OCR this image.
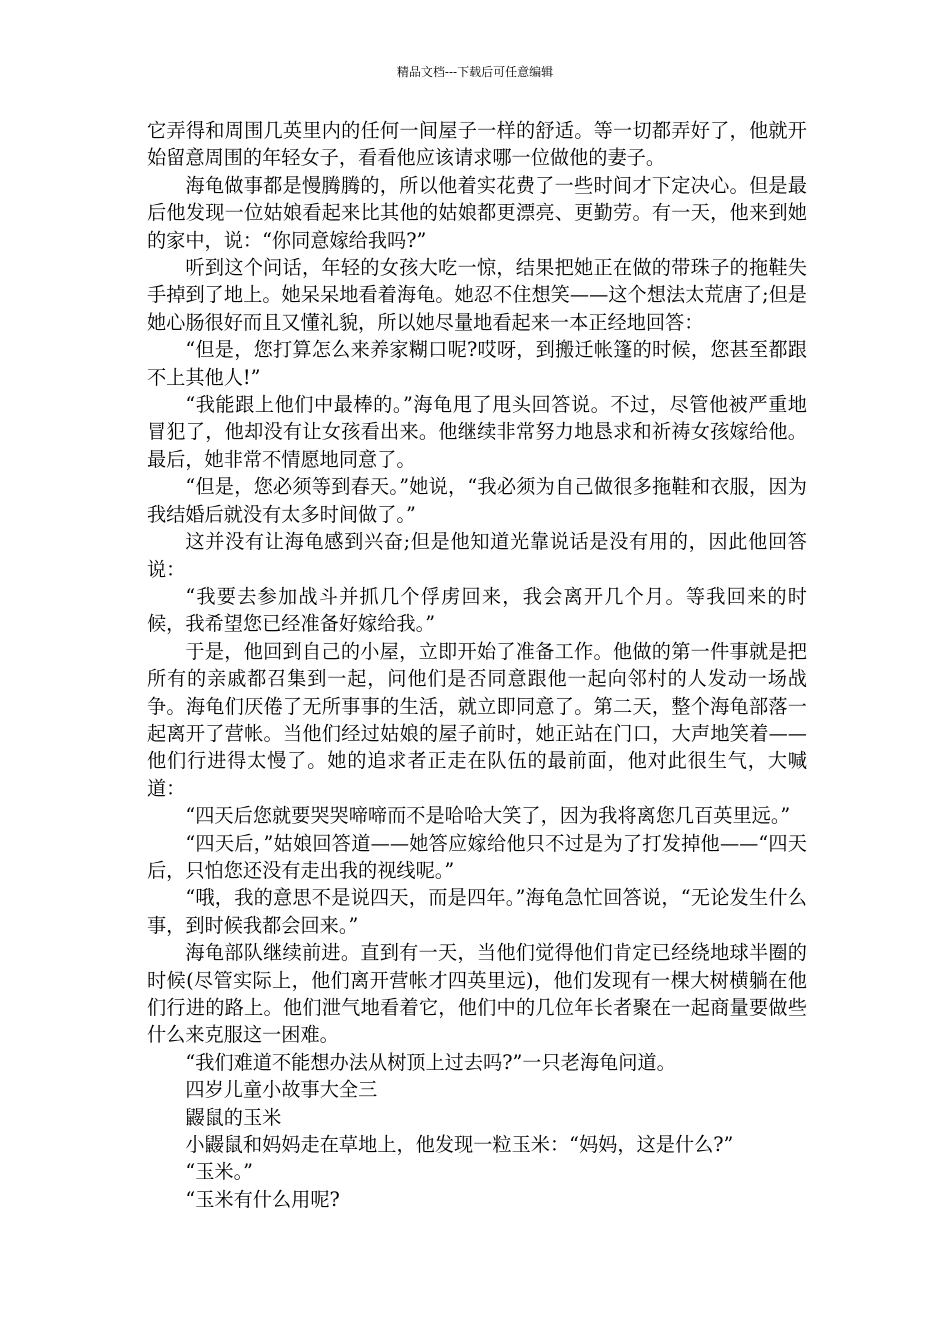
精品文档---下载后可任意编辑

它弄得和周围几英里内的任何一间屋子一样的舒适。等一切都弄好了，他就开始留意周围的年轻女子，看看他应该请求哪一位做他的妻子。

海龟做事都是慢腾腾的，所以他着实花费了一些时间才下定决心。但是最后他发现一位姑娘看起来比其他的姑娘都更漂亮、更勤劳。有一天，他来到她的家中，说：“你同意嫁给我吗?”

听到这个问话，年轻的女孩大吃一惊，结果把她正在做的带珠子的拖鞋失手掉到了地上。她呆呆地看着海龟。她忍不住想笑——这个想法太荒唐了;但是她心肠很好而且又懂礼貌，所以她尽量地看起来一本正经地回答：

“但是，您打算怎么来养家糊口呢?哎呀，到搬迁帐篷的时候，您甚至都跟不上其他人!”

“我能跟上他们中最棒的。”海龟甩了甩头回答说。不过，尽管他被严重地冒犯了，他却没有让女孩看出来。他继续非常努力地恳求和祈祷女孩嫁给他。最后，她非常不情愿地同意了。

“但是，您必须等到春天。”她说，“我必须为自己做很多拖鞋和衣服，因为我结婚后就没有太多时间做了。”

这并没有让海龟感到兴奋;但是他知道光靠说话是没有用的，因此他回答说：

“我要去参加战斗并抓几个俘虏回来，我会离开几个月。等我回来的时候，我希望您已经准备好嫁给我。”

于是，他回到自己的小屋，立即开始了准备工作。他做的第一件事就是把所有的亲戚都召集到一起，问他们是否同意跟他一起向邻村的人发动一场战争。海龟们厌倦了无所事事的生活，就立即同意了。第二天，整个海龟部落一起离开了营帐。当他们经过姑娘的屋子前时，她正站在门口，大声地笑着——他们行进得太慢了。她的追求者正走在队伍的最前面，他对此很生气，大喊道：

“四天后您就要哭哭啼啼而不是哈哈大笑了，因为我将离您几百英里远。”

“四天后，”姑娘回答道——她答应嫁给他只不过是为了打发掉他——“四天后，只怕您还没有走出我的视线呢。”

“哦，我的意思不是说四天，而是四年。”海龟急忙回答说，“无论发生什么事，到时候我都会回来。”

海龟部队继续前进。直到有一天，当他们觉得他们肯定已经绕地球半圈的时候(尽管实际上，他们离开营帐才四英里远)，他们发现有一棵大树横躺在他们行进的路上。他们泄气地看着它，他们中的几位年长者聚在一起商量要做些什么来克服这一困难。

“我们难道不能想办法从树顶上过去吗?”一只老海龟问道。

四岁儿童小故事大全三

鼹鼠的玉米

小鼹鼠和妈妈走在草地上，他发现一粒玉米：“妈妈，这是什么?”

“玉米。”

“玉米有什么用呢?
